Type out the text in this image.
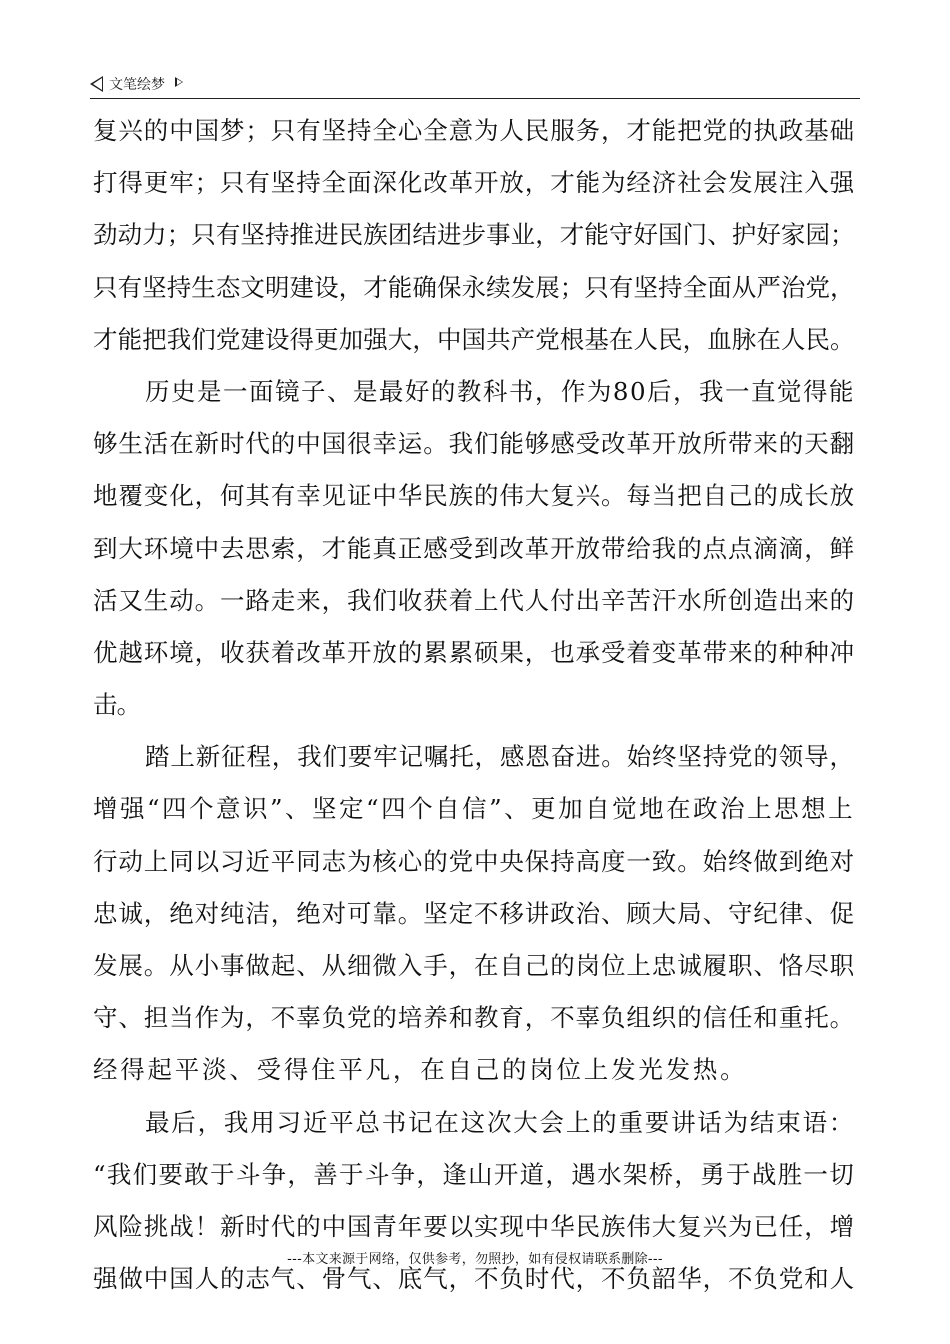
文笔绘梦
复兴的中国梦；只有坚持全心全意为人民服务，才能把党的执政基础
打得更牢；只有坚持全面深化改革开放，才能为经济社会发展注入强
劲动力；只有坚持推进民族团结进步事业，才能守好国门、护好家园；
只有坚持生态文明建设，才能确保永续发展；只有坚持全面从严治党，
才能把我们党建设得更加强大，中国共产党根基在人民，血脉在人民。
历史是一面镜子、是最好的教科书，作为80后，我一直觉得能
够生活在新时代的中国很幸运。我们能够感受改革开放所带来的天翻
地覆变化，何其有幸见证中华民族的伟大复兴。每当把自己的成长放
到大环境中去思索，才能真正感受到改革开放带给我的点点滴滴，鲜
活又生动。一路走来，我们收获着上代人付出辛苦汗水所创造出来的
优越环境，收获着改革开放的累累硕果，也承受着变革带来的种种冲
击。
踏上新征程，我们要牢记嘱托，感恩奋进。始终坚持党的领导，
增强“四个意识”、坚定“四个自信”、更加自觉地在政治上思想上
行动上同以习近平同志为核心的党中央保持高度一致。始终做到绝对
忠诚，绝对纯洁，绝对可靠。坚定不移讲政治、顾大局、守纪律、促
发展。从小事做起、从细微入手，在自己的岗位上忠诚履职、恪尽职
守、担当作为，不辜负党的培养和教育，不辜负组织的信任和重托。
经得起平淡、受得住平凡，在自己的岗位上发光发热。
最后，我用习近平总书记在这次大会上的重要讲话为结束语：
“我们要敢于斗争，善于斗争，逢山开道，遇水架桥，勇于战胜一切
风险挑战！新时代的中国青年要以实现中华民族伟大复兴为已任，增
强做中国人的志气、骨气、底气，不负时代，不负韶华，不负党和人
---本文来源于网络，仅供参考，勿照抄，如有侵权请联系删除---
